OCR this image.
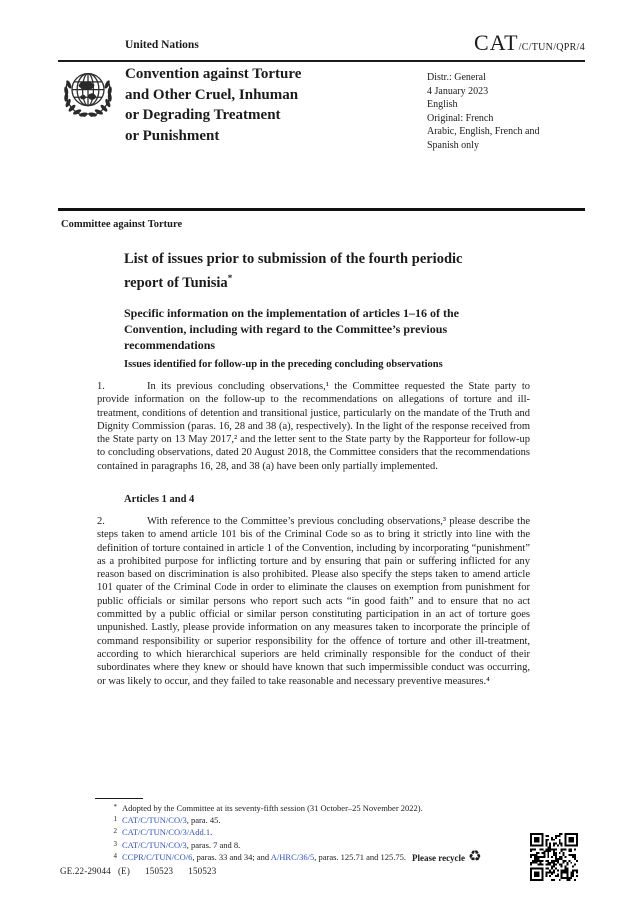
United Nations	CAT /C/TUN/QPR/4
Convention against Torture
and Other Cruel, Inhuman
or Degrading Treatment
or Punishment
Distr.: General
4 January 2023
English
Original: French
Arabic, English, French and
Spanish only
Committee against Torture
List of issues prior to submission of the fourth periodic
report of Tunisia*
Specific information on the implementation of articles 1–16 of the
Convention, including with regard to the Committee’s previous
recommendations
Issues identified for follow-up in the preceding concluding observations

1.	In its previous concluding observations,¹ the Committee requested the State party to provide information on the follow-up to the recommendations on allegations of torture and ill-treatment, conditions of detention and transitional justice, particularly on the mandate of the Truth and Dignity Commission (paras. 16, 28 and 38 (a), respectively). In the light of the response received from the State party on 13 May 2017,² and the letter sent to the State party by the Rapporteur for follow-up to concluding observations, dated 20 August 2018, the Committee considers that the recommendations contained in paragraphs 16, 28, and 38 (a) have been only partially implemented.

Articles 1 and 4

2.	With reference to the Committee’s previous concluding observations,³ please describe the steps taken to amend article 101 bis of the Criminal Code so as to bring it strictly into line with the definition of torture contained in article 1 of the Convention, including by incorporating “punishment” as a prohibited purpose for inflicting torture and by ensuring that pain or suffering inflicted for any reason based on discrimination is also prohibited. Please also specify the steps taken to amend article 101 quater of the Criminal Code in order to eliminate the clauses on exemption from punishment for public officials or similar persons who report such acts “in good faith” and to ensure that no act committed by a public official or similar person constituting participation in an act of torture goes unpunished. Lastly, please provide information on any measures taken to incorporate the principle of command responsibility or superior responsibility for the offence of torture and other ill-treatment, according to which hierarchical superiors are held criminally responsible for the conduct of their subordinates where they knew or should have known that such impermissible conduct was occurring, or was likely to occur, and they failed to take reasonable and necessary preventive measures.⁴

* Adopted by the Committee at its seventy-fifth session (31 October–25 November 2022).
1 CAT/C/TUN/CO/3, para. 45.
2 CAT/C/TUN/CO/3/Add.1.
3 CAT/C/TUN/CO/3, paras. 7 and 8.
4 CCPR/C/TUN/CO/6, paras. 33 and 34; and A/HRC/36/5, paras. 125.71 and 125.75.
GE.22-29044 (E) 150523 150523
Please recycle ♻
